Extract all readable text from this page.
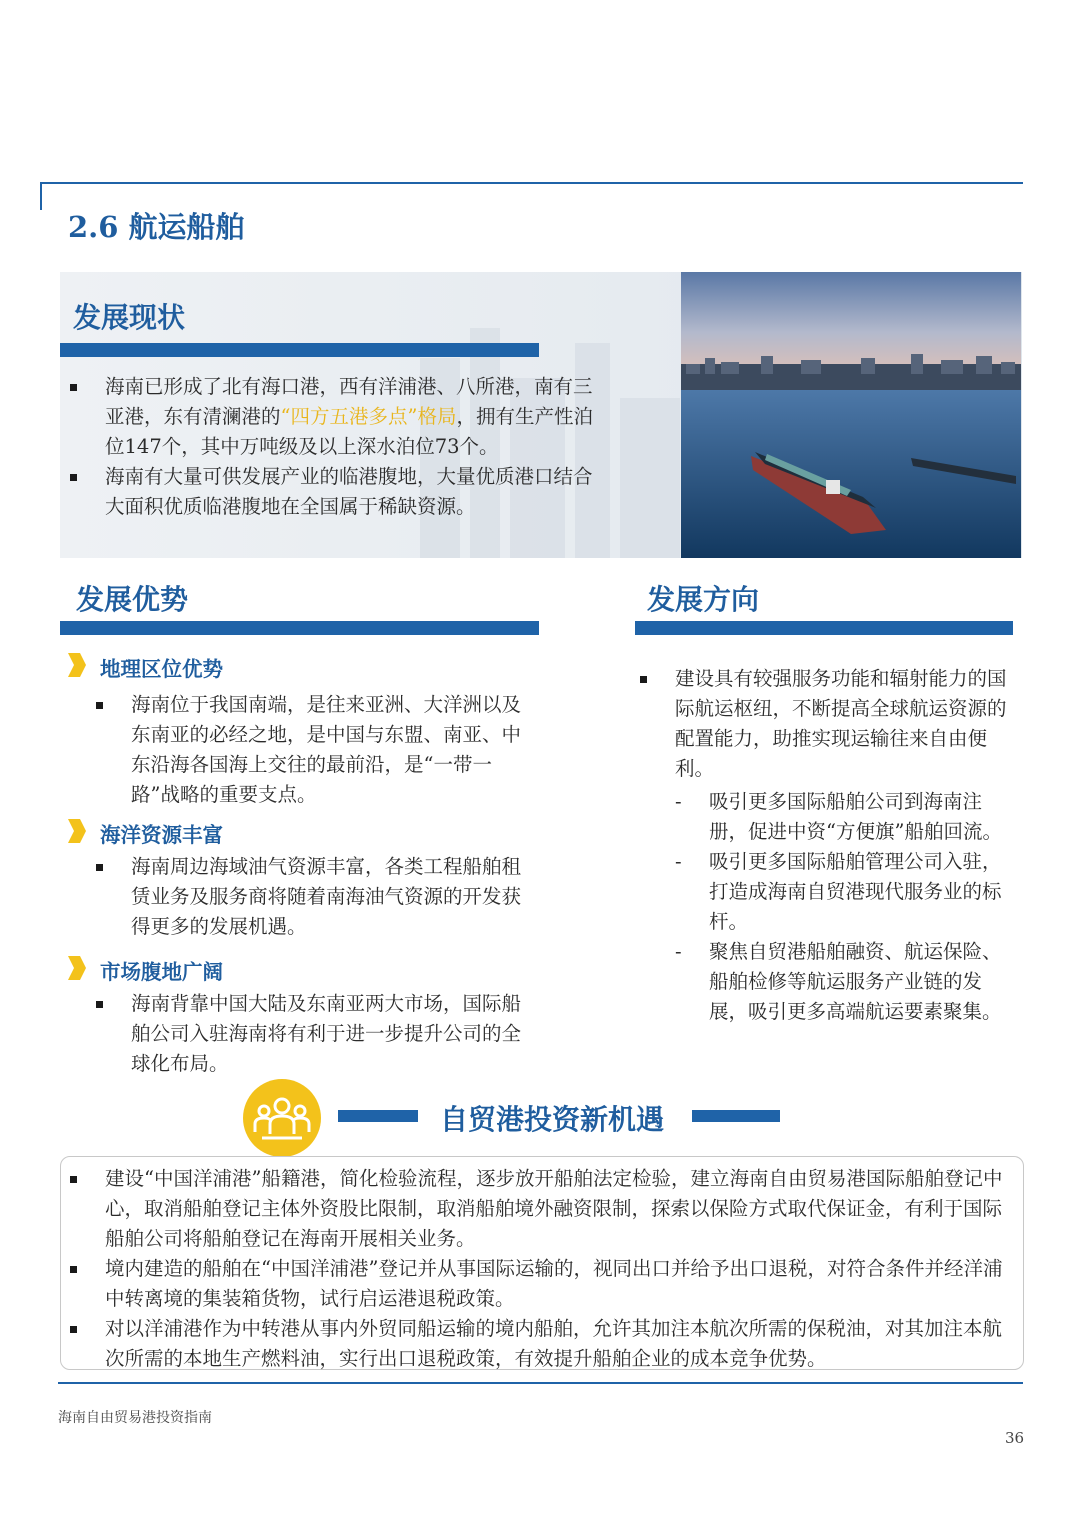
2.6 航运船舶
发展现状
海南已形成了北有海口港，西有洋浦港、八所港，南有三亚港，东有清澜港的“四方五港多点”格局，拥有生产性泊位147个，其中万吨级及以上深水泊位73个。
海南有大量可供发展产业的临港腹地，大量优质港口结合大面积优质临港腹地在全国属于稀缺资源。
发展优势
地理区位优势
海南位于我国南端，是往来亚洲、大洋洲以及东南亚的必经之地，是中国与东盟、南亚、中东沿海各国海上交往的最前沿，是“一带一路”战略的重要支点。
海洋资源丰富
海南周边海域油气资源丰富，各类工程船舶租赁业务及服务商将随着南海油气资源的开发获得更多的发展机遇。
市场腹地广阔
海南背靠中国大陆及东南亚两大市场，国际船舶公司入驻海南将有利于进一步提升公司的全球化布局。
发展方向
建设具有较强服务功能和辐射能力的国际航运枢纽，不断提高全球航运资源的配置能力，助推实现运输往来自由便利。
- 吸引更多国际船舶公司到海南注册，促进中资“方便旗”船舶回流。
- 吸引更多国际船舶管理公司入驻，打造成海南自贸港现代服务业的标杆。
- 聚焦自贸港船舶融资、航运保险、船舶检修等航运服务产业链的发展，吸引更多高端航运要素聚集。
自贸港投资新机遇
建设“中国洋浦港”船籍港，简化检验流程，逐步放开船舶法定检验，建立海南自由贸易港国际船舶登记中心，取消船舶登记主体外资股比限制，取消船舶境外融资限制，探索以保险方式取代保证金，有利于国际船舶公司将船舶登记在海南开展相关业务。
境内建造的船舶在“中国洋浦港”登记并从事国际运输的，视同出口并给予出口退税，对符合条件并经洋浦中转离境的集装箱货物，试行启运港退税政策。
对以洋浦港作为中转港从事内外贸同船运输的境内船舶，允许其加注本航次所需的保税油，对其加注本航次所需的本地生产燃料油，实行出口退税政策，有效提升船舶企业的成本竞争优势。
海南自由贸易港投资指南
36
